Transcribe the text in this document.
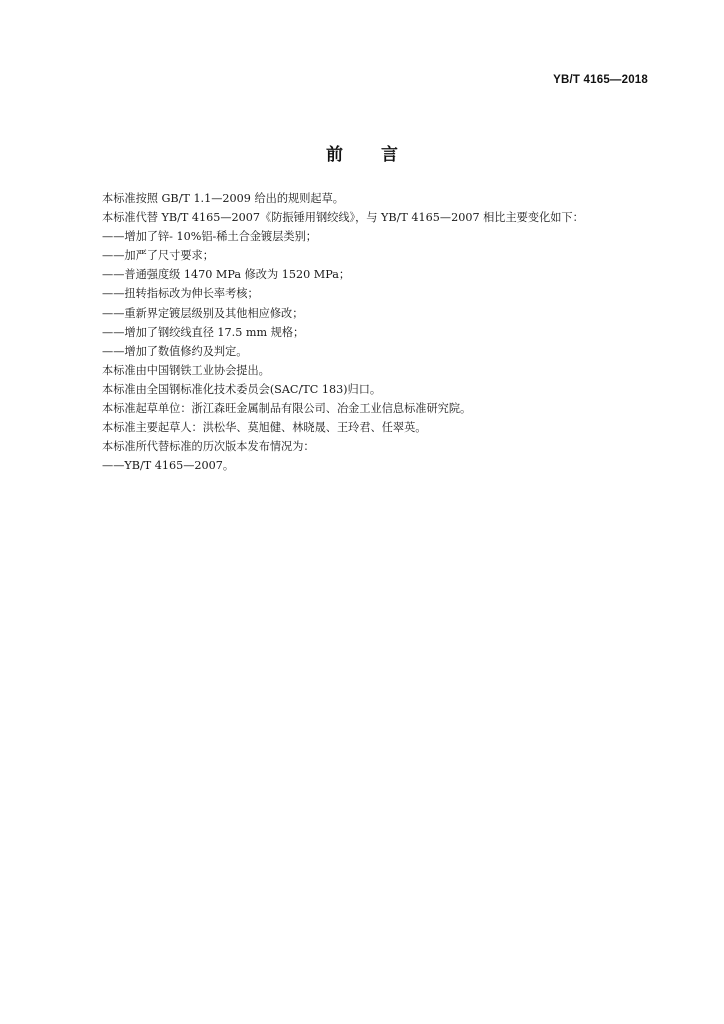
YB/T 4165—2018
前言
本标准按照 GB/T 1.1—2009 给出的规则起草。
本标准代替 YB/T 4165—2007《防振锤用钢绞线》，与 YB/T 4165—2007 相比主要变化如下：
——增加了锌- 10%铝-稀土合金镀层类别；
——加严了尺寸要求；
——普通强度级 1470 MPa 修改为 1520 MPa；
——扭转指标改为伸长率考核；
——重新界定镀层级别及其他相应修改；
——增加了钢绞线直径 17.5 mm 规格；
——增加了数值修约及判定。
本标准由中国钢铁工业协会提出。
本标准由全国钢标准化技术委员会(SAC/TC 183)归口。
本标准起草单位：浙江森旺金属制品有限公司、冶金工业信息标准研究院。
本标准主要起草人：洪松华、莫旭健、林晓晟、王玲君、任翠英。
本标准所代替标准的历次版本发布情况为：
——YB/T 4165—2007。
